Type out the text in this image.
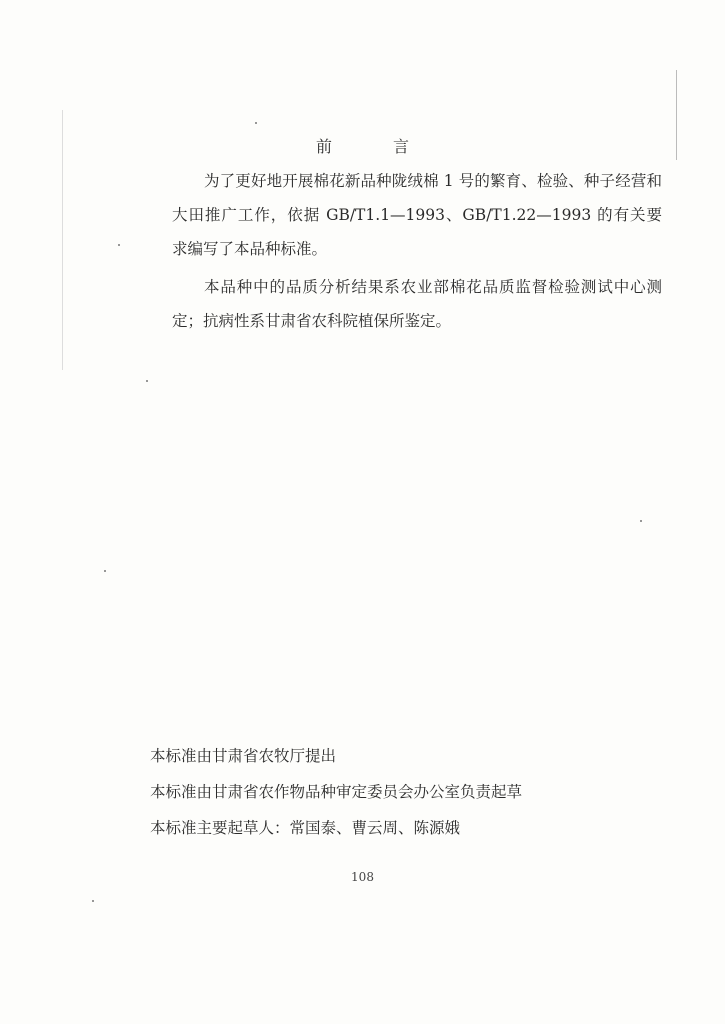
前 言
为了更好地开展棉花新品种陇绒棉 1 号的繁育、检验、种子经营和大田推广工作，依据 GB/T1.1—1993、GB/T1.22—1993 的有关要求编写了本品种标准。
本品种中的品质分析结果系农业部棉花品质监督检验测试中心测定；抗病性系甘肃省农科院植保所鉴定。
本标准由甘肃省农牧厅提出
本标准由甘肃省农作物品种审定委员会办公室负责起草
本标准主要起草人：常国泰、曹云周、陈源娥
108
